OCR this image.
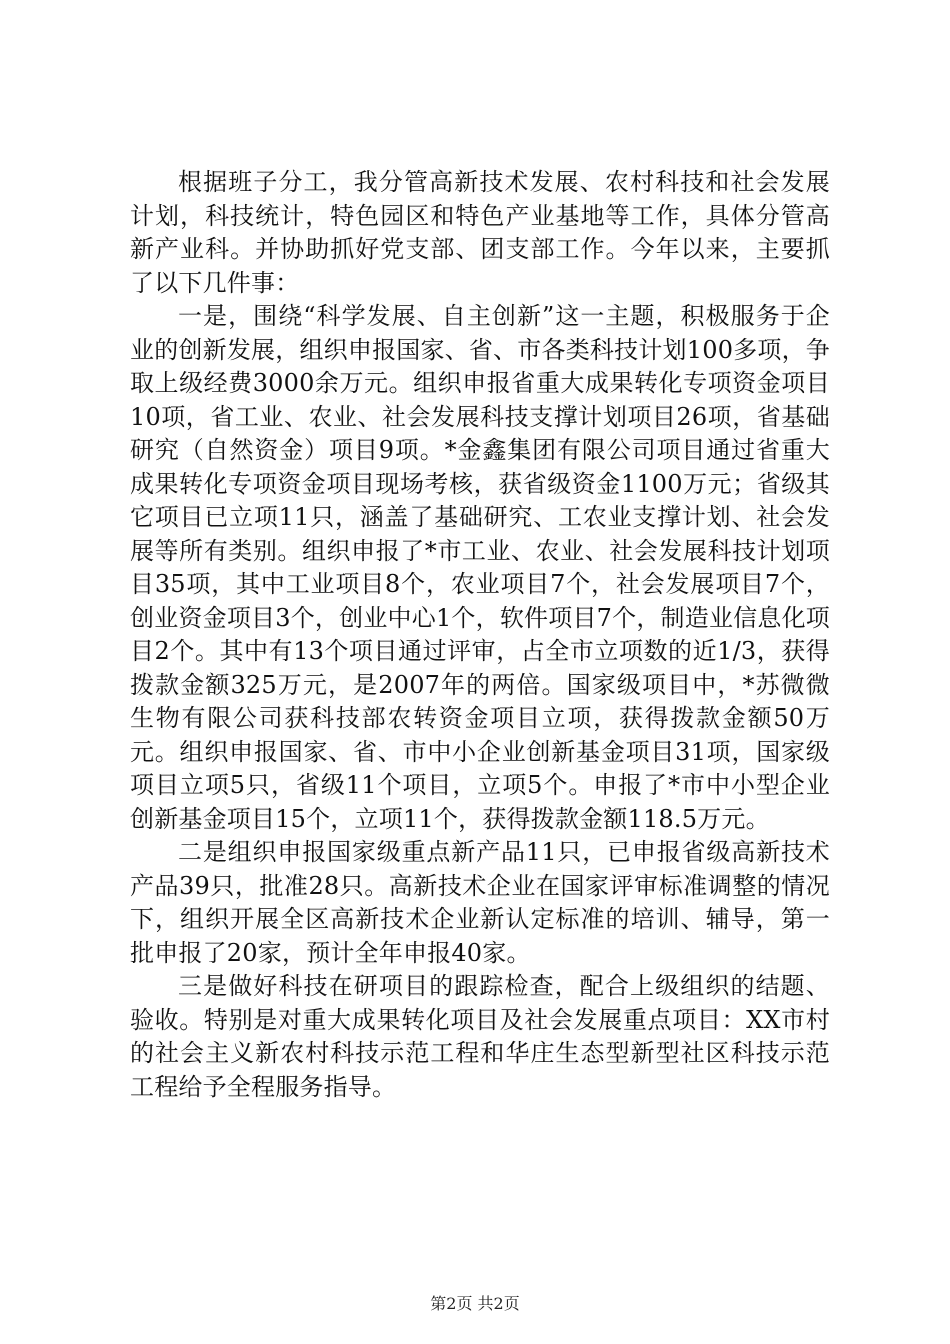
根据班子分工，我分管高新技术发展、农村科技和社会发展计划，科技统计，特色园区和特色产业基地等工作，具体分管高新产业科。并协助抓好党支部、团支部工作。今年以来，主要抓了以下几件事：

一是，围绕“科学发展、自主创新”这一主题，积极服务于企业的创新发展，组织申报国家、省、市各类科技计划100多项，争取上级经费3000余万元。组织申报省重大成果转化专项资金项目10项，省工业、农业、社会发展科技支撑计划项目26项，省基础研究（自然资金）项目9项。*金鑫集团有限公司项目通过省重大成果转化专项资金项目现场考核，获省级资金1100万元；省级其它项目已立项11只，涵盖了基础研究、工农业支撑计划、社会发展等所有类别。组织申报了*市工业、农业、社会发展科技计划项目35项，其中工业项目8个，农业项目7个，社会发展项目7个，创业资金项目3个，创业中心1个，软件项目7个，制造业信息化项目2个。其中有13个项目通过评审，占全市立项数的近1/3，获得拨款金额325万元，是2007年的两倍。国家级项目中，*苏微微生物有限公司获科技部农转资金项目立项，获得拨款金额50万元。组织申报国家、省、市中小企业创新基金项目31项，国家级项目立项5只，省级11个项目，立项5个。申报了*市中小型企业创新基金项目15个，立项11个，获得拨款金额118.5万元。

二是组织申报国家级重点新产品11只，已申报省级高新技术产品39只，批准28只。高新技术企业在国家评审标准调整的情况下，组织开展全区高新技术企业新认定标准的培训、辅导，第一批申报了20家，预计全年申报40家。

三是做好科技在研项目的跟踪检查，配合上级组织的结题、验收。特别是对重大成果转化项目及社会发展重点项目：XX市村的社会主义新农村科技示范工程和华庄生态型新型社区科技示范工程给予全程服务指导。

第2页 共2页
